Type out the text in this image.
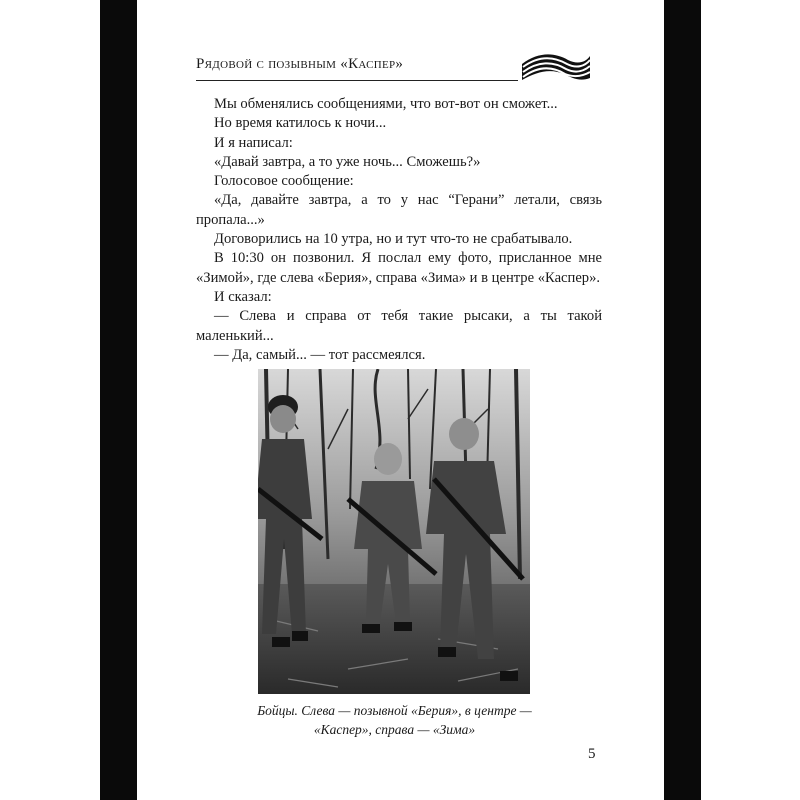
Рядовой с позывным «Каспер»

Мы обменялись сообщениями, что вот-вот он сможет...

Но время катилось к ночи...

И я написал:

«Давай завтра, а то уже ночь... Сможешь?»

Голосовое сообщение:

«Да, давайте завтра, а то у нас “Герани” летали, связь пропала...»

Договорились на 10 утра, но и тут что-то не срабатывало.

В 10:30 он позвонил. Я послал ему фото, присланное мне «Зимой», где слева «Берия», справа «Зима» и в центре «Каспер».

И сказал:

— Слева и справа от тебя такие рысаки, а ты такой маленький...

— Да, самый... — тот рассмеялся.

Бойцы. Слева — позывной «Берия», в центре — «Каспер», справа — «Зима»
5
